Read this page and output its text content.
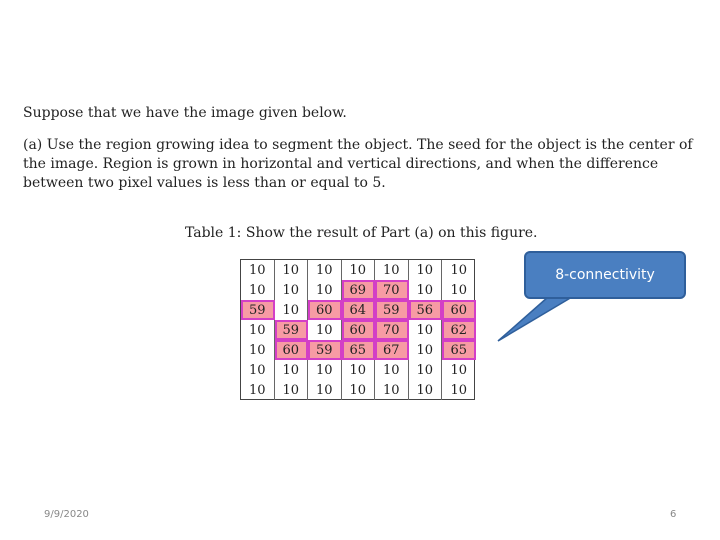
Suppose that we have the image given below.

(a) Use the region growing idea to segment the object. The seed for the object is the center of the image. Region is grown in horizontal and vertical directions, and when the difference between two pixel values is less than or equal to 5.

Table 1: Show the result of Part (a) on this figure.

10	10	10	10	10	10	10
10	10	10	69	70	10	10
59	10	60	64	59	56	60
10	59	10	60	70	10	62
10	60	59	65	67	10	65
10	10	10	10	10	10	10
10	10	10	10	10	10	10
8-connectivity
9/9/2020	6
